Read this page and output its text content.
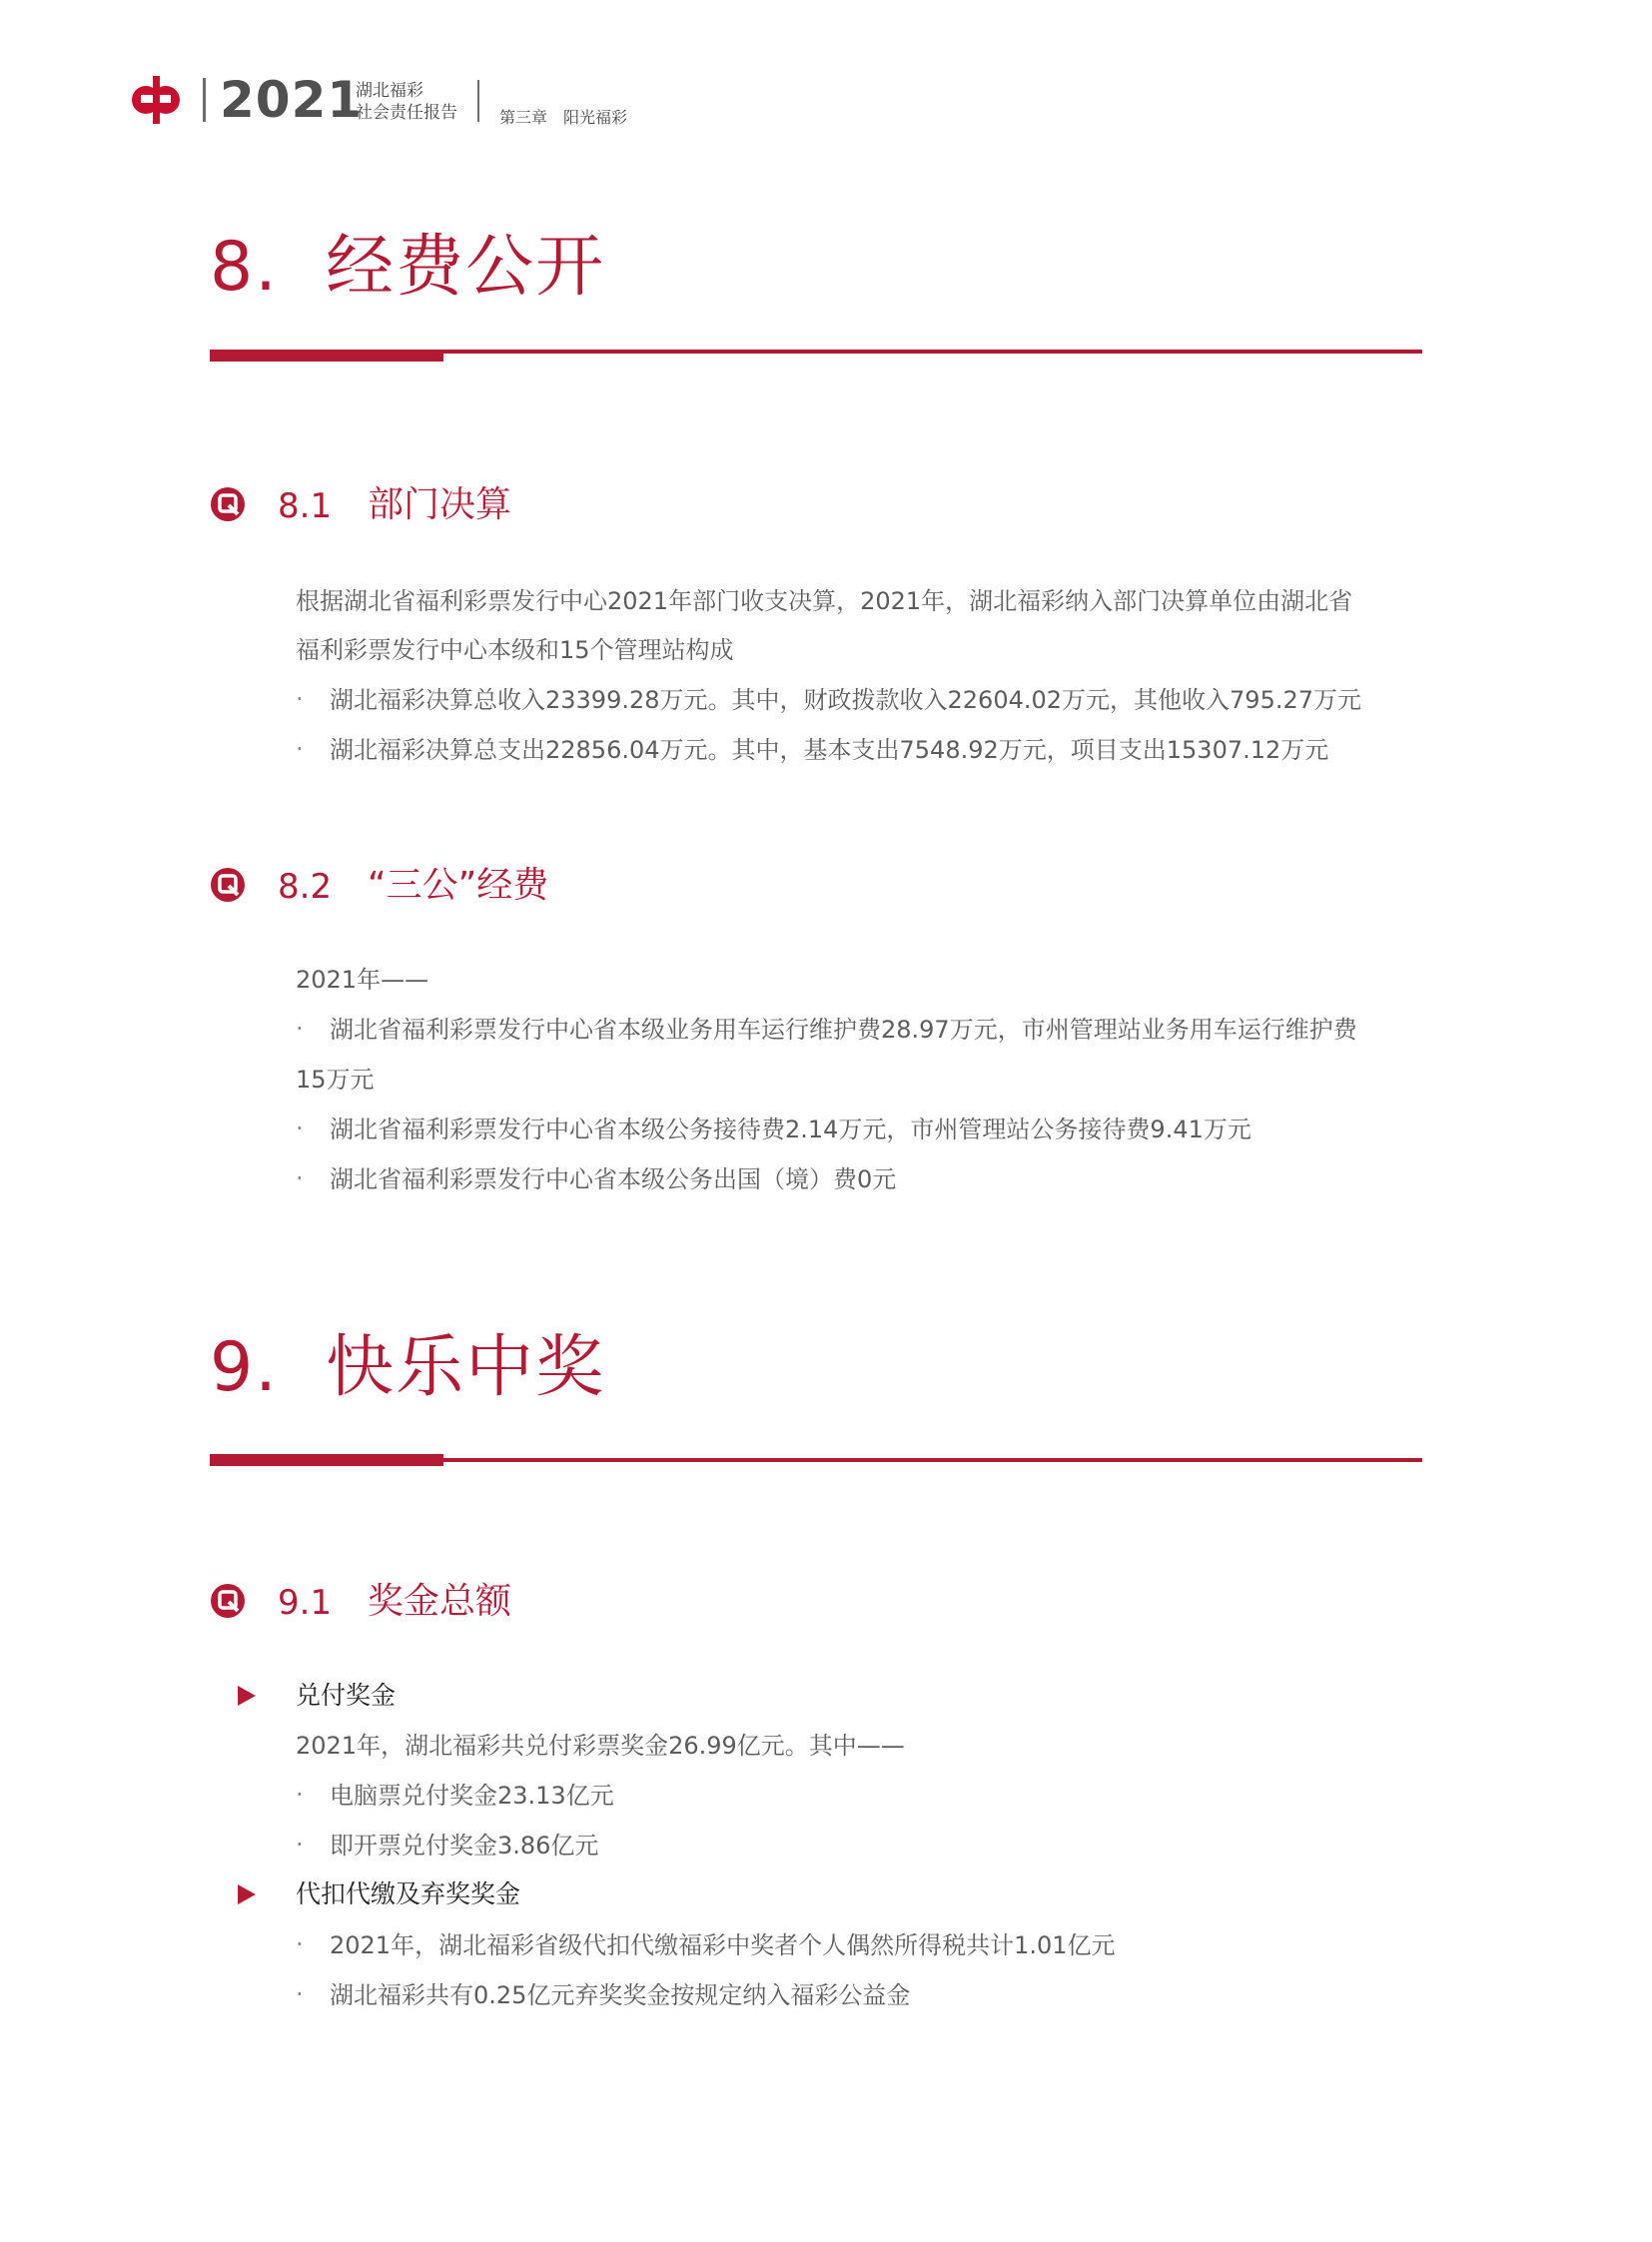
2021
湖北福彩
社会责任报告	第三章　阳光福彩
8.  经费公开
8.1 部门决算
根据湖北省福利彩票发行中心2021年部门收支决算，2021年，湖北福彩纳入部门决算单位由湖北省
福利彩票发行中心本级和15个管理站构成
· 湖北福彩决算总收入23399.28万元。其中，财政拨款收入22604.02万元，其他收入795.27万元
· 湖北福彩决算总支出22856.04万元。其中，基本支出7548.92万元，项目支出15307.12万元
8.2 “三公”经费
2021年——
· 湖北省福利彩票发行中心省本级业务用车运行维护费28.97万元，市州管理站业务用车运行维护费
15万元
· 湖北省福利彩票发行中心省本级公务接待费2.14万元，市州管理站公务接待费9.41万元
· 湖北省福利彩票发行中心省本级公务出国（境）费0元
9.  快乐中奖
9.1 奖金总额
兑付奖金
2021年，湖北福彩共兑付彩票奖金26.99亿元。其中——
· 电脑票兑付奖金23.13亿元
· 即开票兑付奖金3.86亿元
代扣代缴及弃奖奖金
· 2021年，湖北福彩省级代扣代缴福彩中奖者个人偶然所得税共计1.01亿元
· 湖北福彩共有0.25亿元弃奖奖金按规定纳入福彩公益金
